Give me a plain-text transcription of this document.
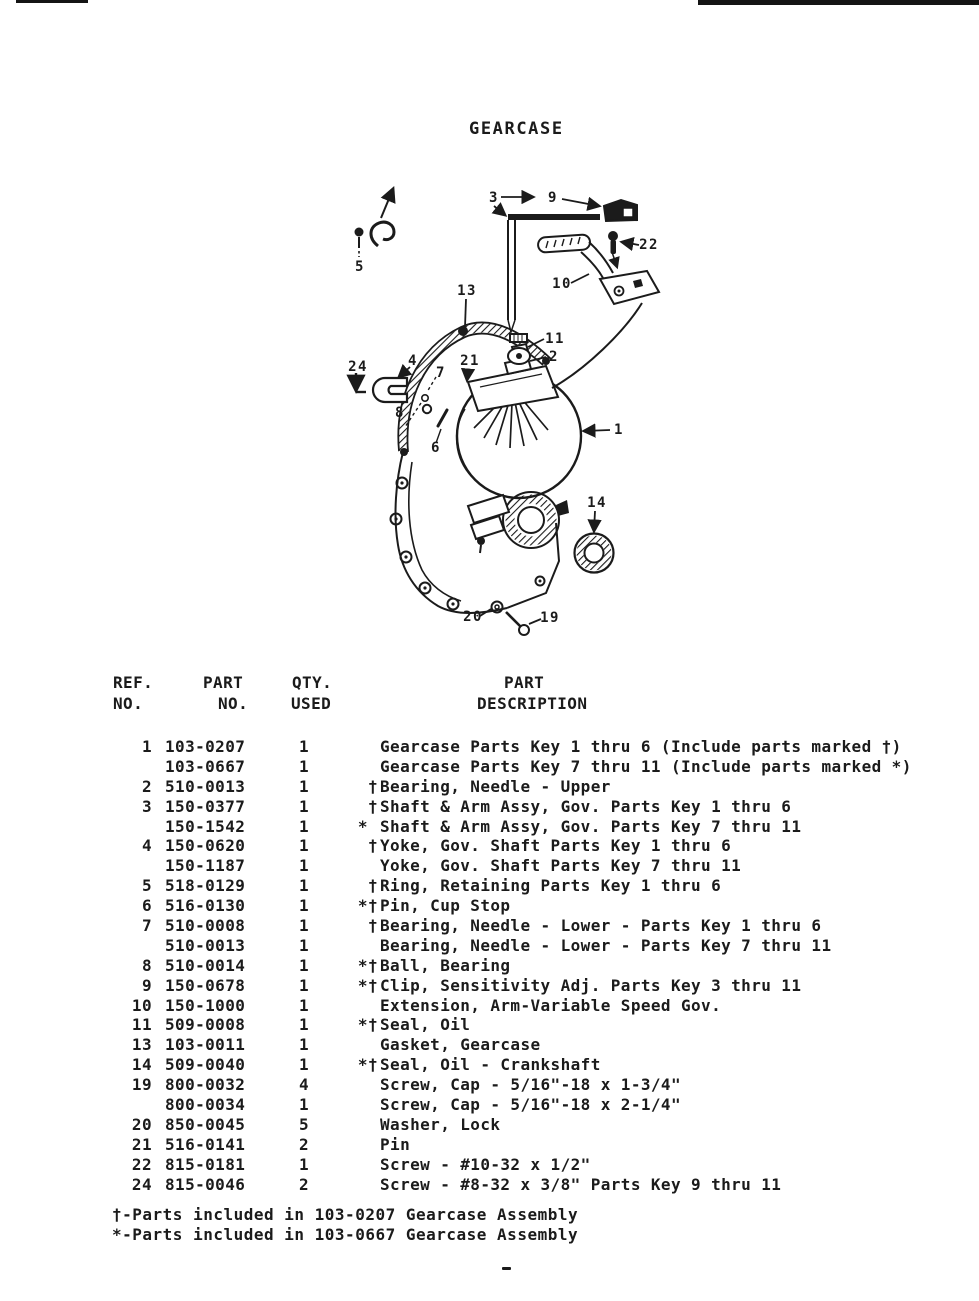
GEARCASE
3	9
22
10
13
11
2
24	4	21
7
8
6
1
14
20	19
5
REF.
NO.
PART
NO.
QTY.
USED
PART
DESCRIPTION
1 103-0207	1	Gearcase Parts Key 1 thru 6 (Include parts marked †)
103-0667	1	Gearcase Parts Key 7 thru 11 (Include parts marked *)
2 510-0013	1	† Bearing, Needle - Upper
3 150-0377	1	† Shaft & Arm Assy, Gov. Parts Key 1 thru 6
150-1542	1	* Shaft & Arm Assy, Gov. Parts Key 7 thru 11
4 150-0620	1	† Yoke, Gov. Shaft Parts Key 1 thru 6
150-1187	1	Yoke, Gov. Shaft Parts Key 7 thru 11
5 518-0129	1	† Ring, Retaining Parts Key 1 thru 6
6 516-0130	1	*† Pin, Cup Stop
7 510-0008	1	† Bearing, Needle - Lower - Parts Key 1 thru 6
510-0013	1	Bearing, Needle - Lower - Parts Key 7 thru 11
8 510-0014	1	*† Ball, Bearing
9 150-0678	1	*† Clip, Sensitivity Adj. Parts Key 3 thru 11
10 150-1000	1	Extension, Arm-Variable Speed Gov.
11 509-0008	1	*† Seal, Oil
13 103-0011	1	Gasket, Gearcase
14 509-0040	1	*† Seal, Oil - Crankshaft
19 800-0032	4	Screw, Cap - 5/16"-18 x 1-3/4"
800-0034	1	Screw, Cap - 5/16"-18 x 2-1/4"
20 850-0045	5	Washer, Lock
21 516-0141	2	Pin
22 815-0181	1	Screw - #10-32 x 1/2"
24 815-0046	2	Screw - #8-32 x 3/8" Parts Key 9 thru 11
†-Parts included in 103-0207 Gearcase Assembly
*-Parts included in 103-0667 Gearcase Assembly
